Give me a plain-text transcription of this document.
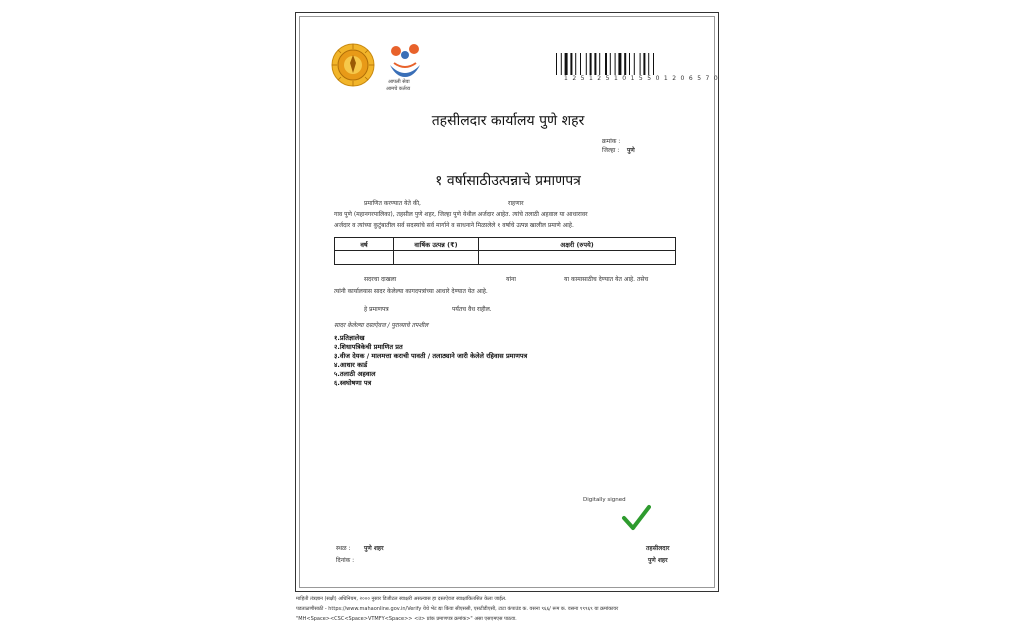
आपली सेवा
आमचे कर्तव्य
1 2 5 1 2 5 1 0 1 5 5 0 1 2 0 6 5 7 0
तहसीलदार कार्यालय पुणे शहर
क्रमांक :
जिल्हा : पुणे
१ वर्षासाठीउत्पन्नाचे प्रमाणपत्र
प्रमाणित करण्यात येते की,	राहणार
गाव पुणे (महानगरपालिका), तहसील पुणे शहर, जिल्हा पुणे येथील अर्जदार आहेत. त्यांचे तलाठी अहवाल या आधारावर
अर्जदार व त्यांच्या कुटुंबातील सर्व सदस्यांचे सर्व मार्गाने व साधनाने मिळालेले १ वर्षाचे उत्पन्न खालील प्रमाणे आहे.
वर्ष	वार्षिक उत्पन्न (₹)	अक्षरी (रुपये)

सदरचा दाखला	यांना	या कामासाठीच देण्यात येत आहे. तसेच
त्यांनी कार्यालयास सादर केलेल्या कागदपत्रांच्या आधारे देण्यात येत आहे.
हे प्रमाणपत्र	पर्यंतच वैध राहील.
सादर केलेल्या दस्तऐवज / पुराव्याचे तपशील
१.प्रतिज्ञालेख
२.शिधापत्रिकेची प्रमाणित प्रत
३.वीज देयक / मालमत्ता कराची पावती / तलाठ्याने जारी केलेले रहिवास प्रमाणपत्र
४.आधार कार्ड
५.तलाठी अहवाल
६.स्वघोषणा पत्र
Digitally signed
स्थळ : पुणे शहर
दिनांक :
तहसीलदार
पुणे शहर
माहिती तंत्रज्ञान (सक्षी) अधिनियम, २००० नुसार डिजीटल स्वाक्षरी असल्यास हा दस्तऐवज स्वाक्षांकितसित केला जाईल.
पडताळणीसाठी - https://www.mahaonline.gov.in/Verify येथे भेट द्या किंवा सीएससी, एसटीडीएसी, टाटा कंपाउंड क. वसना ९६६/ रूम क. वसना ९९९६९ या क्रमांकावर
"MH<Space><CSC<Space>VTMFY<Space>> <उ> प्रांक प्रमाणपत्र क्रमांक>" असा एसएमएस पाठवा.
